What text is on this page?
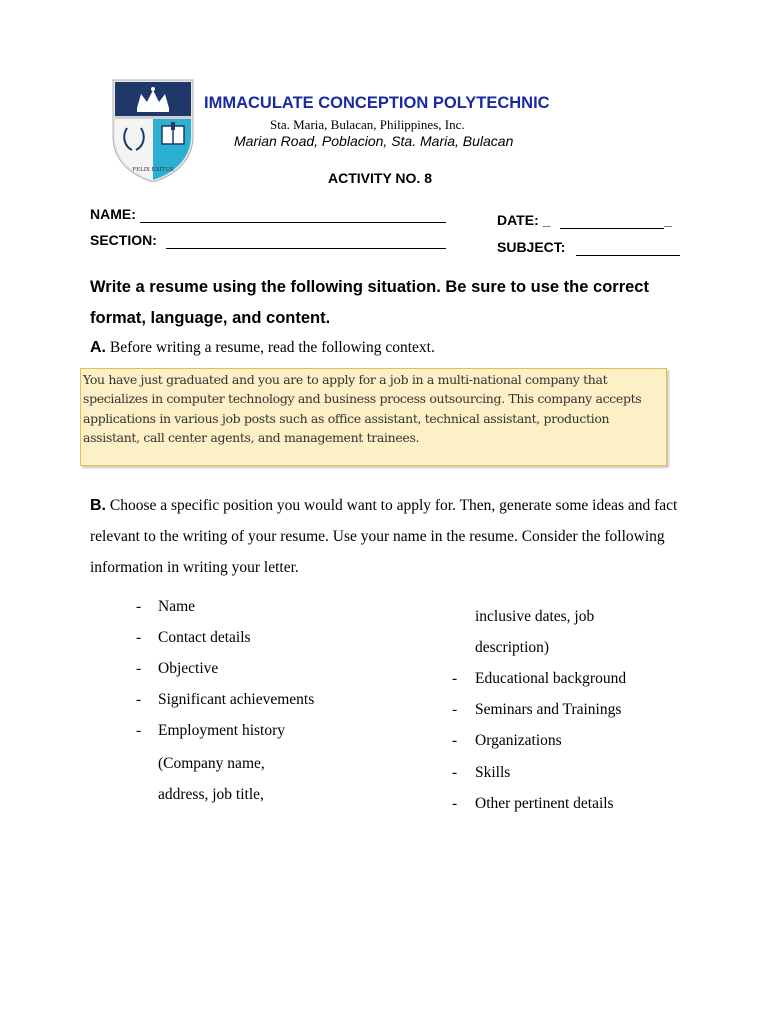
FELIX EXITUS
IMMACULATE CONCEPTION POLYTECHNIC
Sta. Maria, Bulacan, Philippines, Inc.
Marian Road, Poblacion, Sta. Maria, Bulacan
ACTIVITY NO. 8
NAME:
SECTION:
DATE: _	_
SUBJECT:
Write a resume using the following situation. Be sure to use the correct format, language, and content.
A. Before writing a resume, read the following context.
You have just graduated and you are to apply for a job in a multi-national company that specializes in computer technology and business process outsourcing. This company accepts applications in various job posts such as office assistant, technical assistant, production assistant, call center agents, and management trainees.
B. Choose a specific position you would want to apply for. Then, generate some ideas and fact relevant to the writing of your resume. Use your name in the resume. Consider the following information in writing your letter.
- Name
- Contact details
- Objective
- Significant achievements
- Employment history
(Company name,
address, job title,
inclusive dates, job
description)
- Educational background
- Seminars and Trainings
- Organizations
- Skills
- Other pertinent details
